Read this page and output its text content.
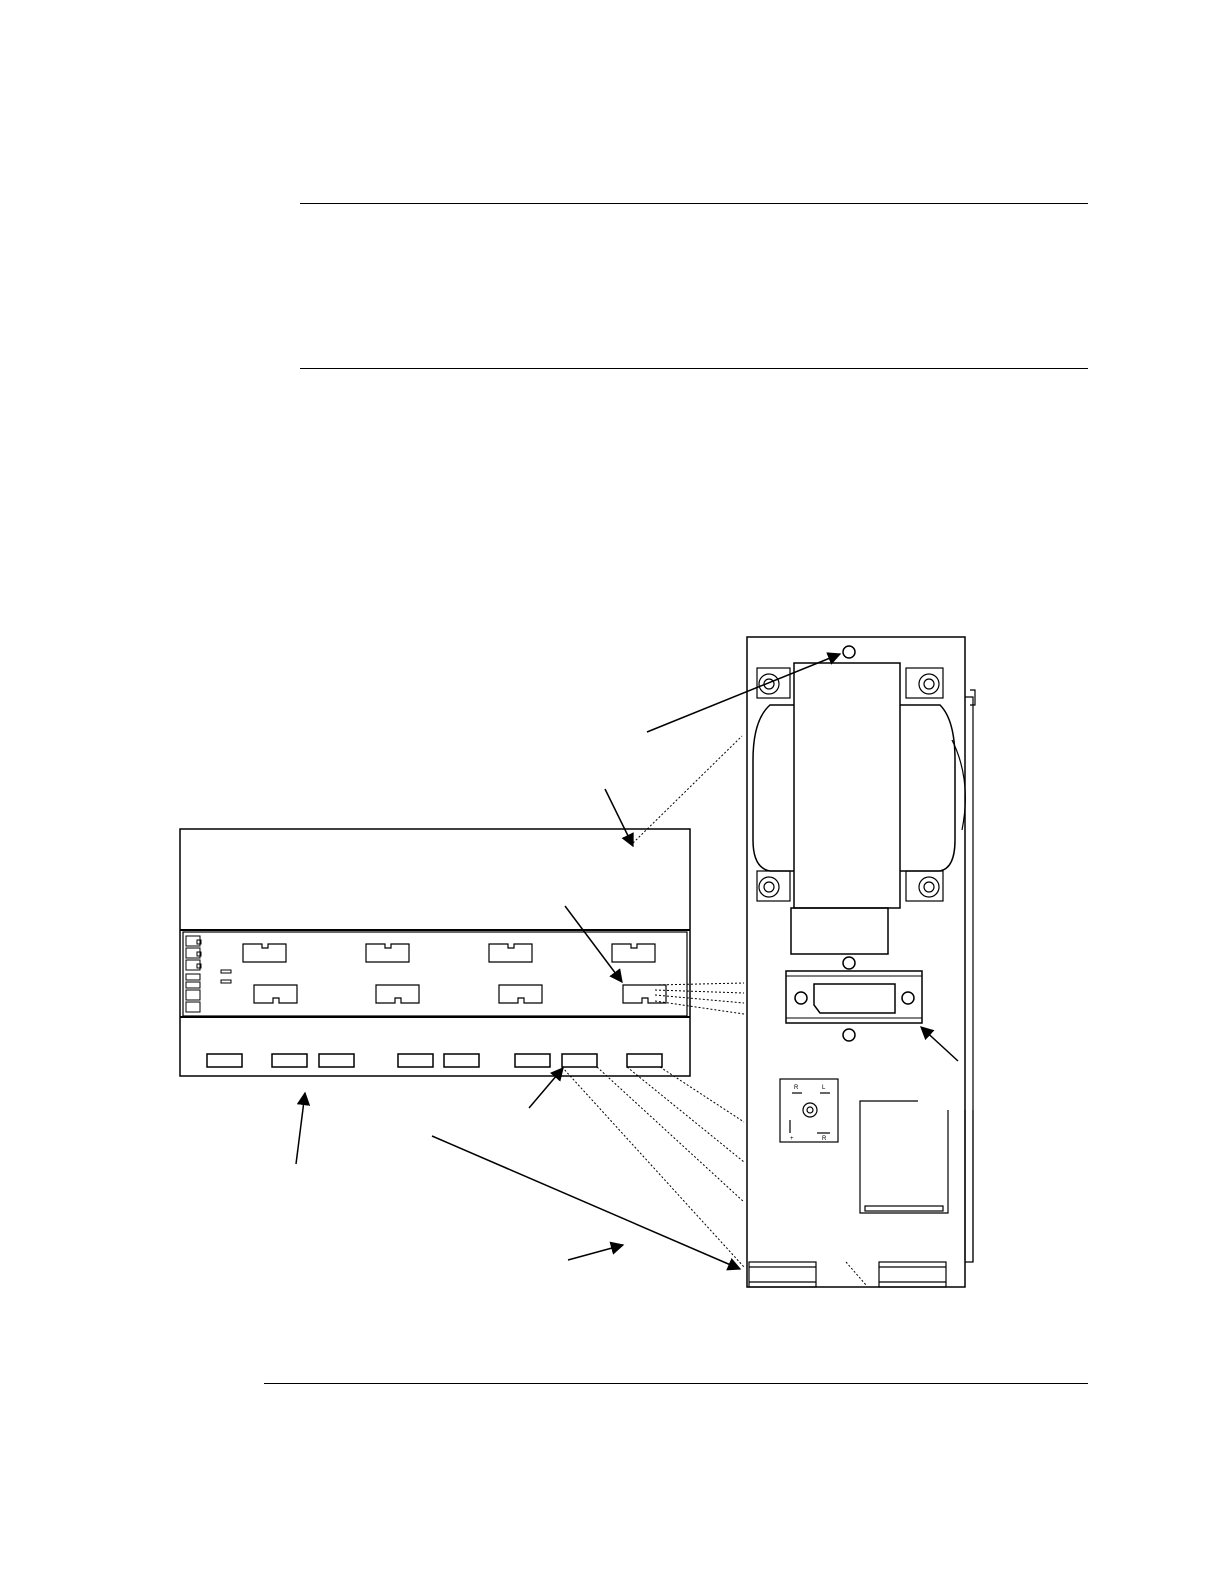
R	L
+	R
